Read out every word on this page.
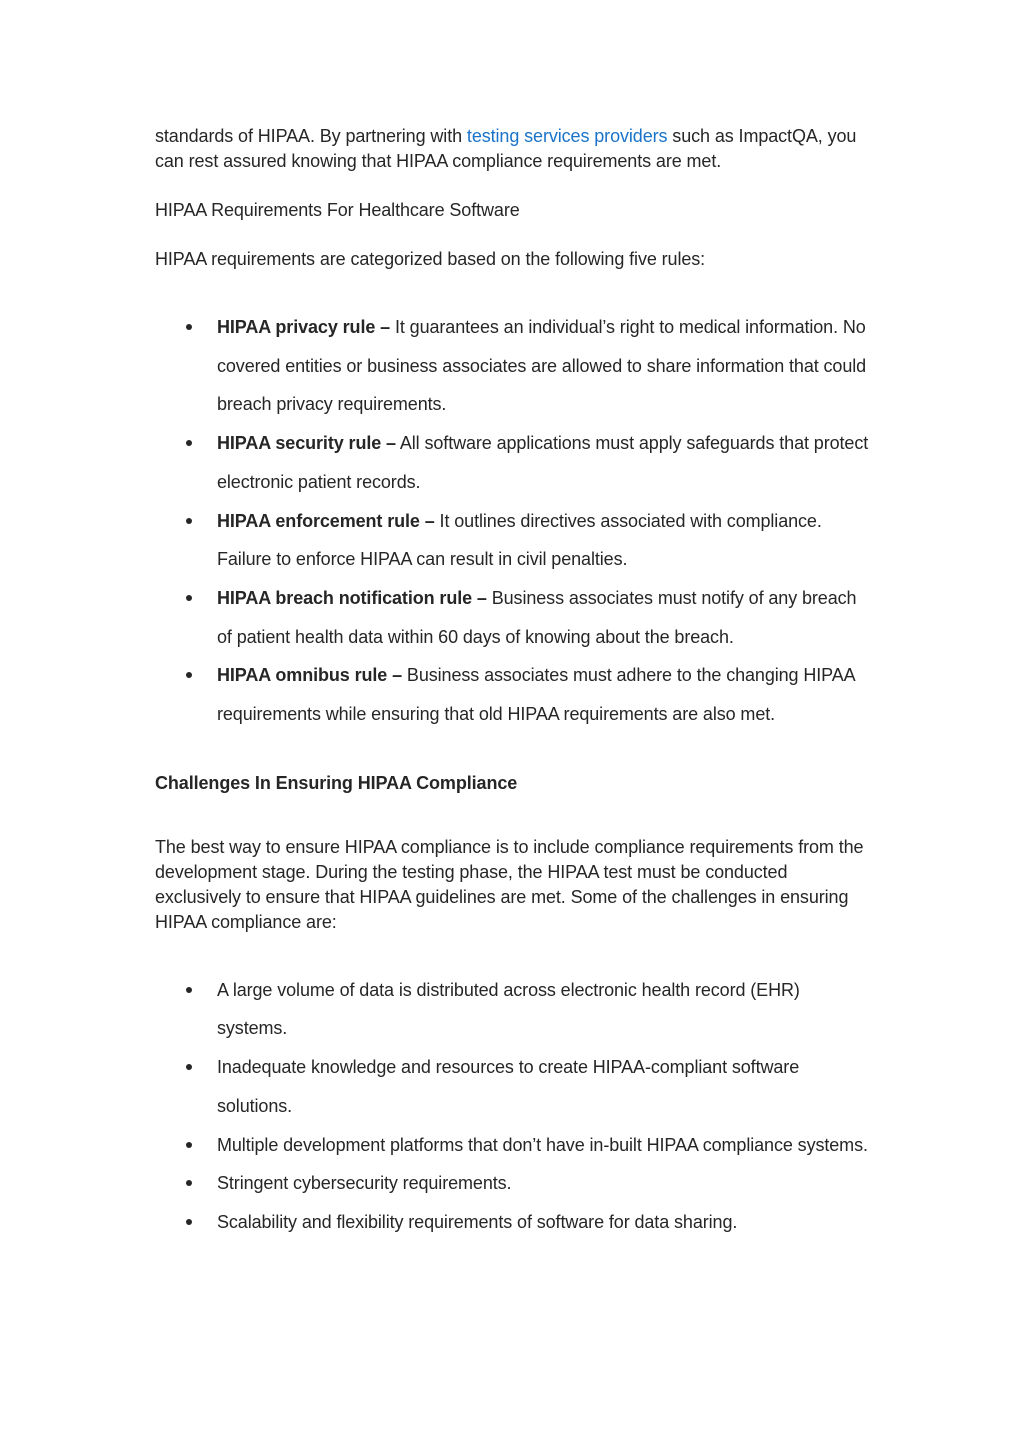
standards of HIPAA. By partnering with testing services providers such as ImpactQA, you can rest assured knowing that HIPAA compliance requirements are met.

HIPAA Requirements For Healthcare Software

HIPAA requirements are categorized based on the following five rules:

HIPAA privacy rule – It guarantees an individual’s right to medical information. No covered entities or business associates are allowed to share information that could breach privacy requirements.
HIPAA security rule – All software applications must apply safeguards that protect electronic patient records.
HIPAA enforcement rule – It outlines directives associated with compliance. Failure to enforce HIPAA can result in civil penalties.
HIPAA breach notification rule – Business associates must notify of any breach of patient health data within 60 days of knowing about the breach.
HIPAA omnibus rule – Business associates must adhere to the changing HIPAA requirements while ensuring that old HIPAA requirements are also met.
Challenges In Ensuring HIPAA Compliance

The best way to ensure HIPAA compliance is to include compliance requirements from the development stage. During the testing phase, the HIPAA test must be conducted exclusively to ensure that HIPAA guidelines are met. Some of the challenges in ensuring HIPAA compliance are:

A large volume of data is distributed across electronic health record (EHR) systems.
Inadequate knowledge and resources to create HIPAA-compliant software solutions.
Multiple development platforms that don’t have in-built HIPAA compliance systems.
Stringent cybersecurity requirements.
Scalability and flexibility requirements of software for data sharing.
